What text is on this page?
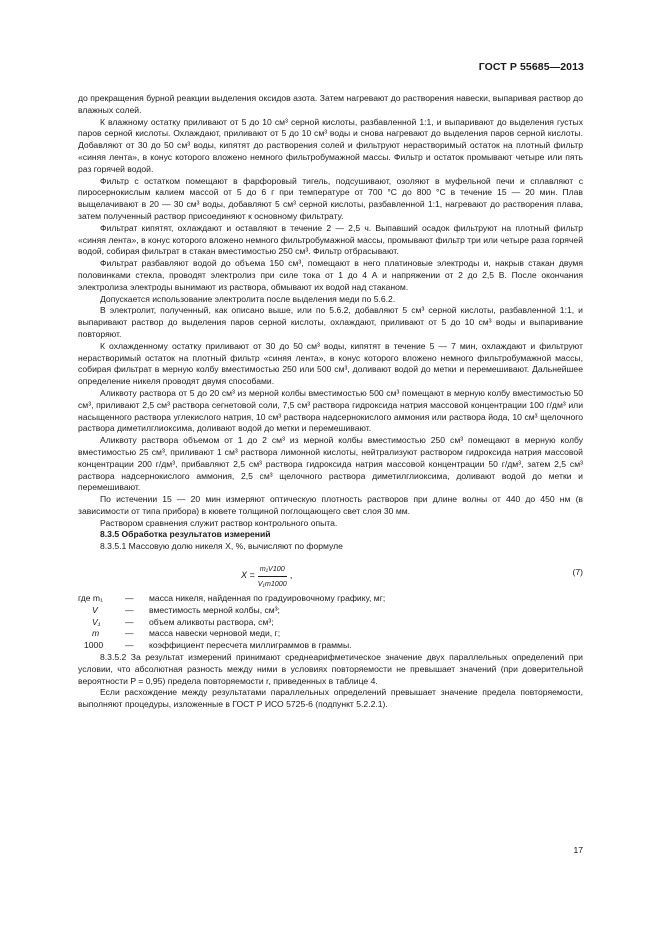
ГОСТ Р 55685—2013

до прекращения бурной реакции выделения оксидов азота. Затем нагревают до растворения навески, выпаривая раствор до влажных солей.

К влажному остатку приливают от 5 до 10 см³ серной кислоты, разбавленной 1:1, и выпаривают до выделения густых паров серной кислоты. Охлаждают, приливают от 5 до 10 см³ воды и снова нагревают до выделения паров серной кислоты. Добавляют от 30 до 50 см³ воды, кипятят до растворения солей и фильтруют нерастворимый остаток на плотный фильтр «синяя лента», в конус которого вложено немного фильтробумажной массы. Фильтр и остаток промывают четыре или пять раз горячей водой.

Фильтр с остатком помещают в фарфоровый тигель, подсушивают, озоляют в муфельной печи и сплавляют с пиросернокислым калием массой от 5 до 6 г при температуре от 700 °С до 800 °С в течение 15 — 20 мин. Плав выщелачивают в 20 — 30 см³ воды, добавляют 5 см³ серной кислоты, разбавленной 1:1, нагревают до растворения плава, затем полученный раствор присоединяют к основному фильтрату.

Фильтрат кипятят, охлаждают и оставляют в течение 2 — 2,5 ч. Выпавший осадок фильтруют на плотный фильтр «синяя лента», в конус которого вложено немного фильтробумажной массы, промывают фильтр три или четыре раза горячей водой, собирая фильтрат в стакан вместимостью 250 см³. Фильтр отбрасывают.

Фильтрат разбавляют водой до объема 150 см³, помещают в него платиновые электроды и, накрыв стакан двумя половинками стекла, проводят электролиз при силе тока от 1 до 4 А и напряжении от 2 до 2,5 В. После окончания электролиза электроды вынимают из раствора, обмывают их водой над стаканом.

Допускается использование электролита после выделения меди по 5.6.2.

В электролит, полученный, как описано выше, или по 5.6.2, добавляют 5 см³ серной кислоты, разбавленной 1:1, и выпаривают раствор до выделения паров серной кислоты, охлаждают, приливают от 5 до 10 см³ воды и выпаривание повторяют.

К охлажденному остатку приливают от 30 до 50 см³ воды, кипятят в течение 5 — 7 мин, охлаждают и фильтруют нерастворимый остаток на плотный фильтр «синяя лента», в конус которого вложено немного фильтробумажной массы, собирая фильтрат в мерную колбу вместимостью 250 или 500 см³, доливают водой до метки и перемешивают. Дальнейшее определение никеля проводят двумя способами.

Аликвоту раствора от 5 до 20 см³ из мерной колбы вместимостью 500 см³ помещают в мерную колбу вместимостью 50 см³, приливают 2,5 см³ раствора сегнетовой соли, 7,5 см³ раствора гидроксида натрия массовой концентрации 100 г/дм³ или насыщенного раствора углекислого натрия, 10 см³ раствора надсернокислого аммония или раствора йода, 10 см³ щелочного раствора диметилглиоксима, доливают водой до метки и перемешивают.

Аликвоту раствора объемом от 1 до 2 см³ из мерной колбы вместимостью 250 см³ помещают в мерную колбу вместимостью 25 см³, приливают 1 см³ раствора лимонной кислоты, нейтрализуют раствором гидроксида натрия массовой концентрации 200 г/дм³, прибавляют 2,5 см³ раствора гидроксида натрия массовой концентрации 50 г/дм³, затем 2,5 см³ раствора надсернокислого аммония, 2,5 см³ щелочного раствора диметилглиоксима, доливают водой до метки и перемешивают.

По истечении 15 — 20 мин измеряют оптическую плотность растворов при длине волны от 440 до 450 нм (в зависимости от типа прибора) в кювете толщиной поглощающего свет слоя 30 мм.

Раствором сравнения служит раствор контрольного опыта.

8.3.5 Обработка результатов измерений

8.3.5.1 Массовую долю никеля X, %, вычисляют по формуле

$X = \frac{\text{m₁V100}}{\text{V₁m1000}}$ ,	(7)
где m₁	—	масса никеля, найденная по градуировочному графику, мг;
V	—	вместимость мерной колбы, см³;
V₁	—	объем аликвоты раствора, см³;
m	—	масса навески черновой меди, г;
1000	—	коэффициент пересчета миллиграммов в граммы.

8.3.5.2 За результат измерений принимают среднеарифметическое значение двух параллельных определений при условии, что абсолютная разность между ними в условиях повторяемости не превышает значений (при доверительной вероятности P = 0,95) предела повторяемости r, приведенных в таблице 4.

Если расхождение между результатами параллельных определений превышает значение предела повторяемости, выполняют процедуры, изложенные в ГОСТ Р ИСО 5725-6 (подпункт 5.2.2.1).

17
